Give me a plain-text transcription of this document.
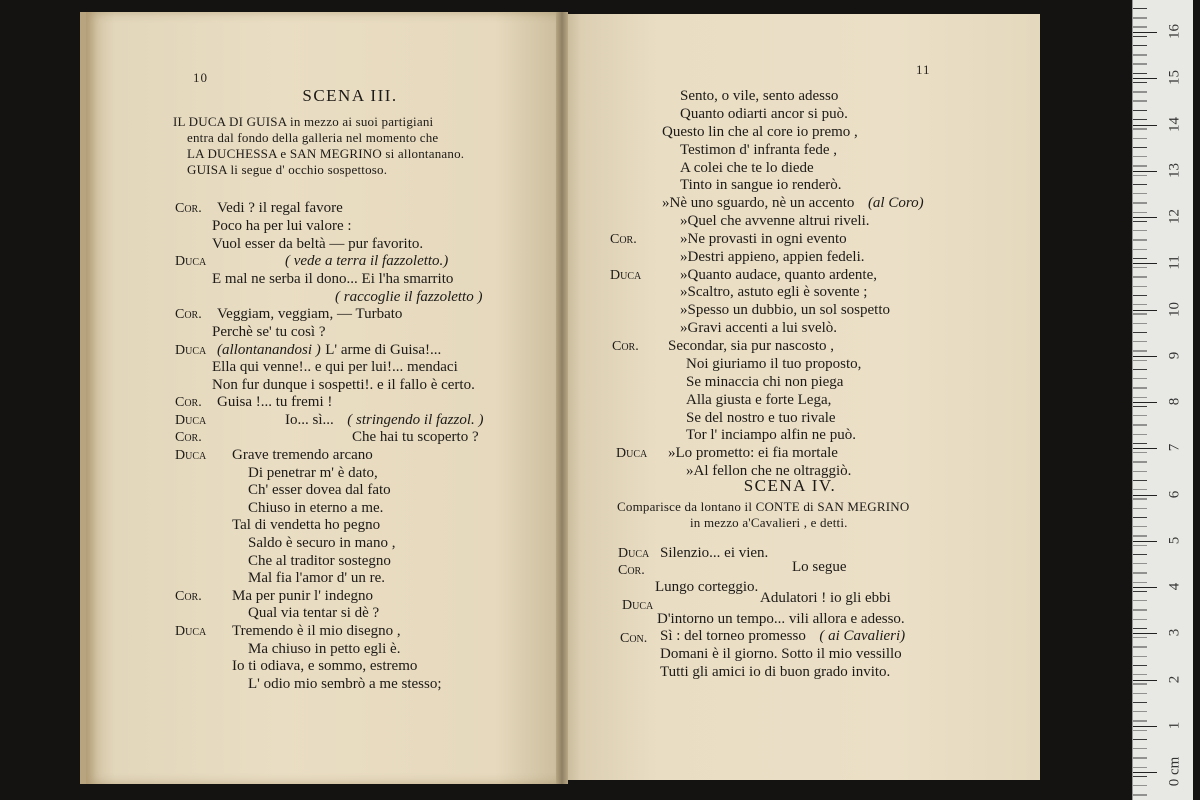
10
SCENA III.
IL DUCA DI GUISA in mezzo ai suoi partigiani
entra dal fondo della galleria nel momento che
LA DUCHESSA e SAN MEGRINO si allontanano.
GUISA li segue d' occhio sospettoso.
11
SCENA IV.
Comparisce da lontano il CONTE di SAN MEGRINO
in mezzo a'Cavalieri , e detti.
0 cm
1
2
3
4
5
6
7
8
9
10
11
12
13
14
15
16
Cor. Vedi ? il regal favore
Poco ha per lui valore :
Vuol esser da beltà — pur favorito.
Duca	( vede a terra il fazzoletto.)
E mal ne serba il dono... Ei l'ha smarrito
( raccoglie il fazzoletto )
Cor. Veggiam, veggiam, — Turbato
Perchè se' tu così ?
Duca (allontanandosi ) L' arme di Guisa!...
Ella qui venne!.. e qui per lui!... mendaci
Non fur dunque i sospetti!. e il fallo è certo.
Cor. Guisa !... tu fremi !
Duca	Io... sì... ( stringendo il fazzol. )
Cor.	Che hai tu scoperto ?
Duca Grave tremendo arcano
Di penetrar m' è dato,
Ch' esser dovea dal fato
Chiuso in eterno a me.
Tal di vendetta ho pegno
Saldo è securo in mano ,
Che al traditor sostegno
Mal fia l'amor d' un re.
Cor. Ma per punir l' indegno
Qual via tentar si dè ?
Duca Tremendo è il mio disegno ,
Ma chiuso in petto egli è.
Io ti odiava, e sommo, estremo
L' odio mio sembrò a me stesso;
Sento, o vile, sento adesso
Quanto odiarti ancor si può.
Questo lin che al core io premo ,
Testimon d' infranta fede ,
A colei che te lo diede
Tinto in sangue io renderò.
»Nè uno sguardo, nè un accento (al Coro)
»Quel che avvenne altrui riveli.
Cor.	»Ne provasti in ogni evento
»Destri appieno, appien fedeli.
Duca	»Quanto audace, quanto ardente,
»Scaltro, astuto egli è sovente ;
»Spesso un dubbio, un sol sospetto
»Gravi accenti a lui svelò.
Cor. Secondar, sia pur nascosto ,
Noi giuriamo il tuo proposto,
Se minaccia chi non piega
Alla giusta e forte Lega,
Se del nostro e tuo rivale
Tor l' inciampo alfin ne può.
Duca »Lo prometto: ei fia mortale
»Al fellon che ne oltraggiò.
Duca Silenzio... ei vien.
Cor.	Lo segue
Lungo corteggio.
Duca	Adulatori ! io gli ebbi
D'intorno un tempo... vili allora e adesso.
Con. Sì : del torneo promesso ( ai Cavalieri)
Domani è il giorno. Sotto il mio vessillo
Tutti gli amici io di buon grado invito.
